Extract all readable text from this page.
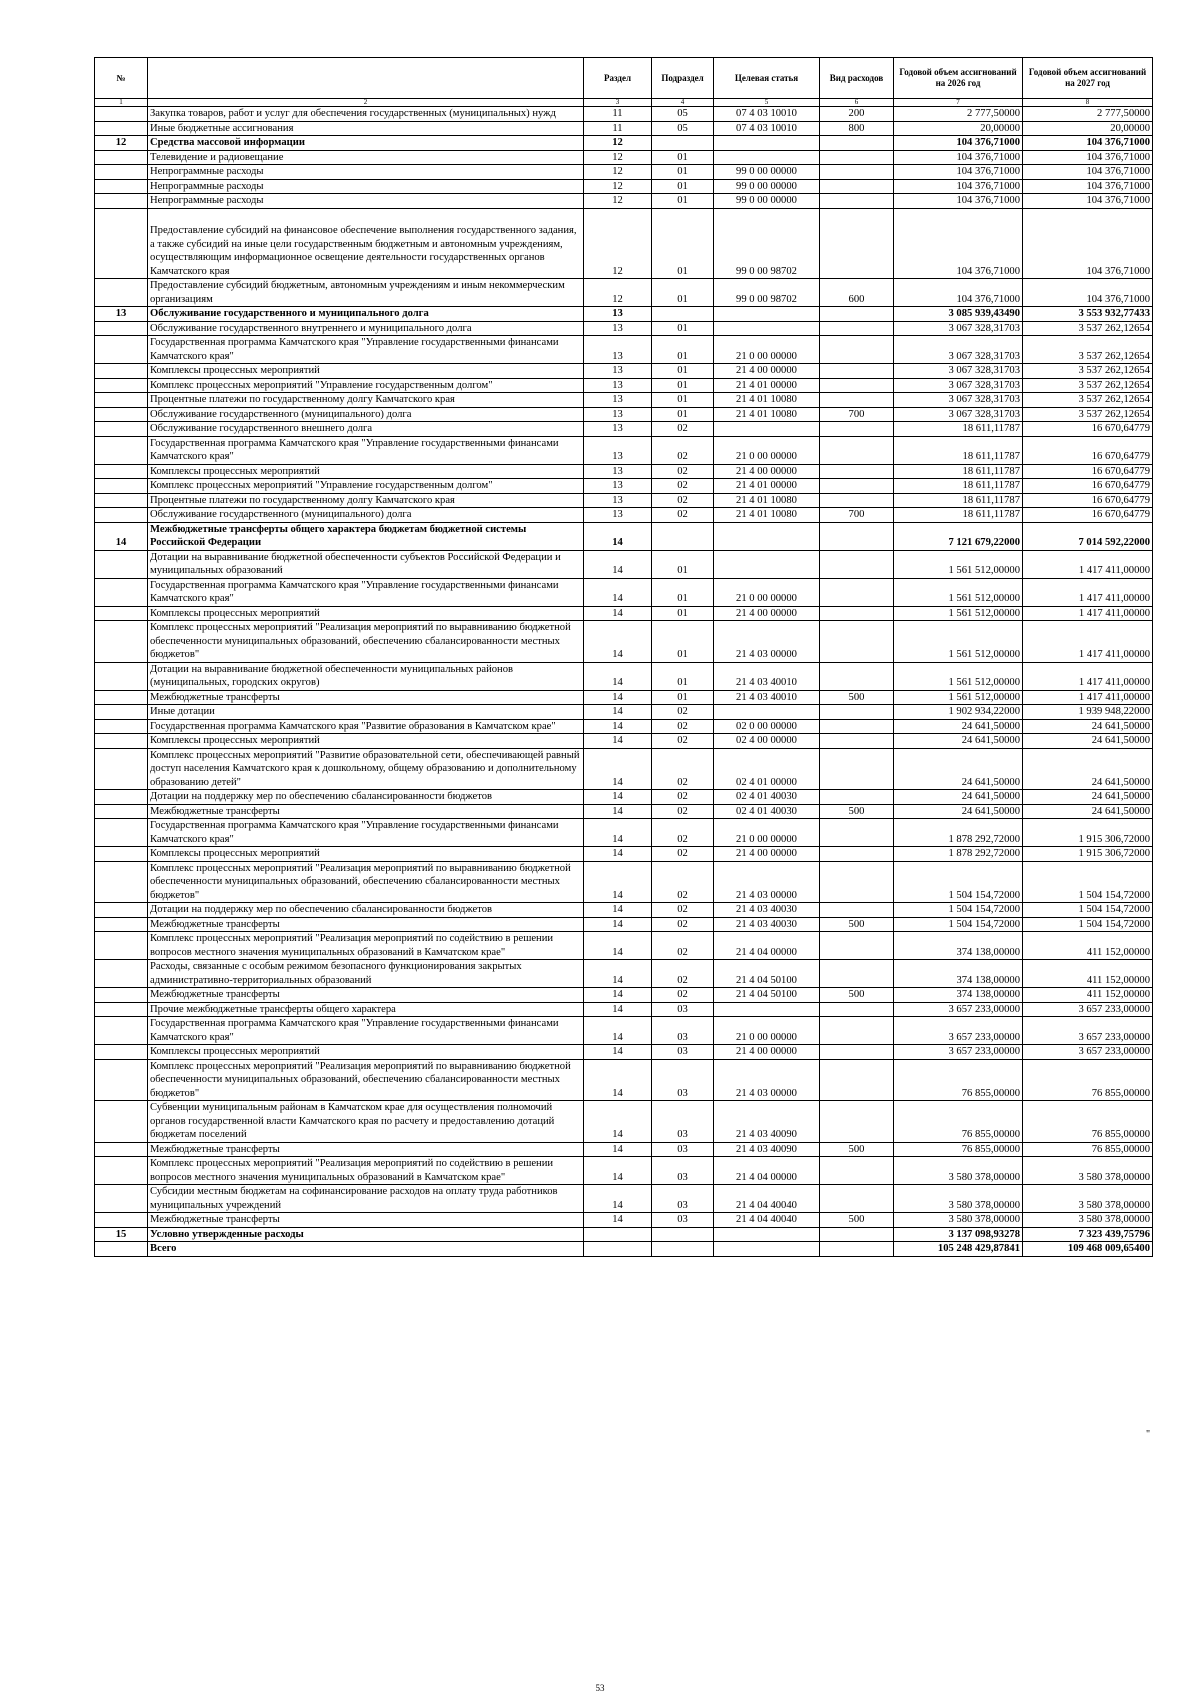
№		Раздел	Подраздел	Целевая статья	Вид расходов	Годовой объем ассигнований на 2026 год	Годовой объем ассигнований на 2027 год
1	2	3	4	5	6	7	8
	Закупка товаров, работ и услуг для обеспечения государственных (муниципальных) нужд	11	05	07 4 03 10010	200	2 777,50000	2 777,50000
	Иные бюджетные ассигнования	11	05	07 4 03 10010	800	20,00000	20,00000
12	Средства массовой информации	12				104 376,71000	104 376,71000
	Телевидение и радиовещание	12	01			104 376,71000	104 376,71000
	Непрограммные расходы	12	01	99 0 00 00000		104 376,71000	104 376,71000
	Непрограммные расходы	12	01	99 0 00 00000		104 376,71000	104 376,71000
	Непрограммные расходы	12	01	99 0 00 00000		104 376,71000	104 376,71000
	Предоставление субсидий на финансовое обеспечение выполнения государственного задания, а также субсидий на иные цели государственным бюджетным и автономным учреждениям, осуществляющим информационное освещение деятельности государственных органов Камчатского края	12	01	99 0 00 98702		104 376,71000	104 376,71000
	Предоставление субсидий бюджетным, автономным учреждениям и иным некоммерческим организациям	12	01	99 0 00 98702	600	104 376,71000	104 376,71000
13	Обслуживание государственного и муниципального долга	13				3 085 939,43490	3 553 932,77433
	Обслуживание государственного внутреннего и муниципального долга	13	01			3 067 328,31703	3 537 262,12654
	Государственная программа Камчатского края "Управление государственными финансами Камчатского края"	13	01	21 0 00 00000		3 067 328,31703	3 537 262,12654
	Комплексы процессных мероприятий	13	01	21 4 00 00000		3 067 328,31703	3 537 262,12654
	Комплекс процессных мероприятий "Управление государственным долгом"	13	01	21 4 01 00000		3 067 328,31703	3 537 262,12654
	Процентные платежи по государственному долгу Камчатского края	13	01	21 4 01 10080		3 067 328,31703	3 537 262,12654
	Обслуживание государственного (муниципального) долга	13	01	21 4 01 10080	700	3 067 328,31703	3 537 262,12654
	Обслуживание государственного внешнего долга	13	02			18 611,11787	16 670,64779
	Государственная программа Камчатского края "Управление государственными финансами Камчатского края"	13	02	21 0 00 00000		18 611,11787	16 670,64779
	Комплексы процессных мероприятий	13	02	21 4 00 00000		18 611,11787	16 670,64779
	Комплекс процессных мероприятий "Управление государственным долгом"	13	02	21 4 01 00000		18 611,11787	16 670,64779
	Процентные платежи по государственному долгу Камчатского края	13	02	21 4 01 10080		18 611,11787	16 670,64779
	Обслуживание государственного (муниципального) долга	13	02	21 4 01 10080	700	18 611,11787	16 670,64779
14	Межбюджетные трансферты общего характера бюджетам бюджетной системы Российской Федерации	14				7 121 679,22000	7 014 592,22000
	Дотации на выравнивание бюджетной обеспеченности субъектов Российской Федерации и муниципальных образований	14	01			1 561 512,00000	1 417 411,00000
	Государственная программа Камчатского края "Управление государственными финансами Камчатского края"	14	01	21 0 00 00000		1 561 512,00000	1 417 411,00000
	Комплексы процессных мероприятий	14	01	21 4 00 00000		1 561 512,00000	1 417 411,00000
	Комплекс процессных мероприятий "Реализация мероприятий по выравниванию бюджетной обеспеченности муниципальных образований, обеспечению сбалансированности местных бюджетов"	14	01	21 4 03 00000		1 561 512,00000	1 417 411,00000
	Дотации на выравнивание бюджетной обеспеченности муниципальных районов (муниципальных, городских округов)	14	01	21 4 03 40010		1 561 512,00000	1 417 411,00000
	Межбюджетные трансферты	14	01	21 4 03 40010	500	1 561 512,00000	1 417 411,00000
	Иные дотации	14	02			1 902 934,22000	1 939 948,22000
	Государственная программа Камчатского края "Развитие образования в Камчатском крае"	14	02	02 0 00 00000		24 641,50000	24 641,50000
	Комплексы процессных мероприятий	14	02	02 4 00 00000		24 641,50000	24 641,50000
	Комплекс процессных мероприятий "Развитие образовательной сети, обеспечивающей равный доступ населения Камчатского края к дошкольному, общему образованию и дополнительному образованию детей"	14	02	02 4 01 00000		24 641,50000	24 641,50000
	Дотации на поддержку мер по обеспечению сбалансированности бюджетов	14	02	02 4 01 40030		24 641,50000	24 641,50000
	Межбюджетные трансферты	14	02	02 4 01 40030	500	24 641,50000	24 641,50000
	Государственная программа Камчатского края "Управление государственными финансами Камчатского края"	14	02	21 0 00 00000		1 878 292,72000	1 915 306,72000
	Комплексы процессных мероприятий	14	02	21 4 00 00000		1 878 292,72000	1 915 306,72000
	Комплекс процессных мероприятий "Реализация мероприятий по выравниванию бюджетной обеспеченности муниципальных образований, обеспечению сбалансированности местных бюджетов"	14	02	21 4 03 00000		1 504 154,72000	1 504 154,72000
	Дотации на поддержку мер по обеспечению сбалансированности бюджетов	14	02	21 4 03 40030		1 504 154,72000	1 504 154,72000
	Межбюджетные трансферты	14	02	21 4 03 40030	500	1 504 154,72000	1 504 154,72000
	Комплекс процессных мероприятий "Реализация мероприятий по содействию в решении вопросов местного значения муниципальных образований в Камчатском крае"	14	02	21 4 04 00000		374 138,00000	411 152,00000
	Расходы, связанные с особым режимом безопасного функционирования закрытых административно-территориальных образований	14	02	21 4 04 50100		374 138,00000	411 152,00000
	Межбюджетные трансферты	14	02	21 4 04 50100	500	374 138,00000	411 152,00000
	Прочие межбюджетные трансферты общего характера	14	03			3 657 233,00000	3 657 233,00000
	Государственная программа Камчатского края "Управление государственными финансами Камчатского края"	14	03	21 0 00 00000		3 657 233,00000	3 657 233,00000
	Комплексы процессных мероприятий	14	03	21 4 00 00000		3 657 233,00000	3 657 233,00000
	Комплекс процессных мероприятий "Реализация мероприятий по выравниванию бюджетной обеспеченности муниципальных образований, обеспечению сбалансированности местных бюджетов"	14	03	21 4 03 00000		76 855,00000	76 855,00000
	Субвенции муниципальным районам в Камчатском крае для осуществления полномочий органов государственной власти Камчатского края по расчету и предоставлению дотаций бюджетам поселений	14	03	21 4 03 40090		76 855,00000	76 855,00000
	Межбюджетные трансферты	14	03	21 4 03 40090	500	76 855,00000	76 855,00000
	Комплекс процессных мероприятий "Реализация мероприятий по содействию в решении вопросов местного значения муниципальных образований в Камчатском крае"	14	03	21 4 04 00000		3 580 378,00000	3 580 378,00000
	Субсидии местным бюджетам на софинансирование расходов на оплату труда работников муниципальных учреждений	14	03	21 4 04 40040		3 580 378,00000	3 580 378,00000
	Межбюджетные трансферты	14	03	21 4 04 40040	500	3 580 378,00000	3 580 378,00000
15	Условно утвержденные расходы					3 137 098,93278	7 323 439,75796
	Всего					105 248 429,87841	109 468 009,65400
"
53
